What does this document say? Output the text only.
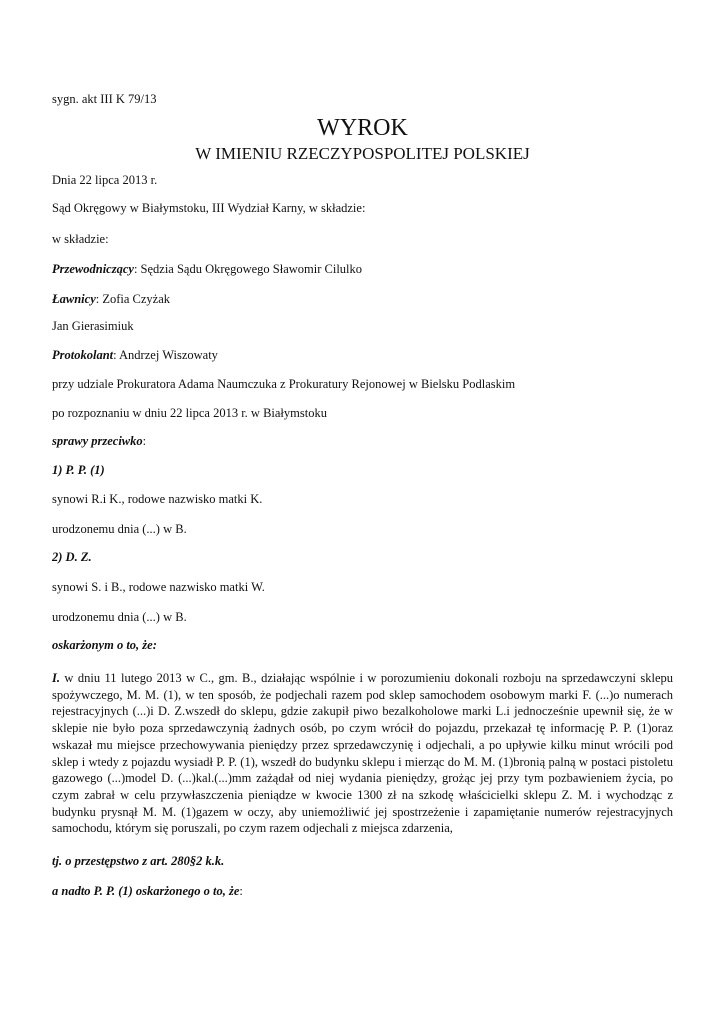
sygn. akt III K 79/13
WYROK
W IMIENIU RZECZYPOSPOLITEJ POLSKIEJ
Dnia 22 lipca 2013 r.
Sąd Okręgowy w Białymstoku, III Wydział Karny, w składzie:
w składzie:
Przewodniczący: Sędzia Sądu Okręgowego Sławomir Cilulko
Ławnicy: Zofia Czyżak
Jan Gierasimiuk
Protokolant: Andrzej Wiszowaty
przy udziale Prokuratora Adama Naumczuka z Prokuratury Rejonowej w Bielsku Podlaskim
po rozpoznaniu w dniu 22 lipca 2013 r. w Białymstoku
sprawy przeciwko:
1) P. P. (1)
synowi R.i K., rodowe nazwisko matki K.
urodzonemu dnia (...) w B.
2) D. Z.
synowi S. i B., rodowe nazwisko matki W.
urodzonemu dnia (...) w B.
oskarżonym o to, że:
I. w dniu 11 lutego 2013 w C., gm. B., działając wspólnie i w porozumieniu dokonali rozboju na sprzedawczyni sklepu spożywczego, M. M. (1), w ten sposób, że podjechali razem pod sklep samochodem osobowym marki F. (...)o numerach rejestracyjnych (...)i D. Z.wszedł do sklepu, gdzie zakupił piwo bezalkoholowe marki L.i jednocześnie upewnił się, że w sklepie nie było poza sprzedawczynią żadnych osób, po czym wrócił do pojazdu, przekazał tę informację P. P. (1)oraz wskazał mu miejsce przechowywania pieniędzy przez sprzedawczynię i odjechali, a po upływie kilku minut wrócili pod sklep i wtedy z pojazdu wysiadł P. P. (1), wszedł do budynku sklepu i mierząc do M. M. (1)bronią palną w postaci pistoletu gazowego (...)model D. (...)kal.(...)mm zażądał od niej wydania pieniędzy, grożąc jej przy tym pozbawieniem życia, po czym zabrał w celu przywłaszczenia pieniądze w kwocie 1300 zł na szkodę właścicielki sklepu Z. M. i wychodząc z budynku prysnął M. M. (1)gazem w oczy, aby uniemożliwić jej spostrzeżenie i zapamiętanie numerów rejestracyjnych samochodu, którym się poruszali, po czym razem odjechali z miejsca zdarzenia,
tj. o przestępstwo z art. 280§2 k.k.
a nadto P. P. (1) oskarżonego o to, że:
